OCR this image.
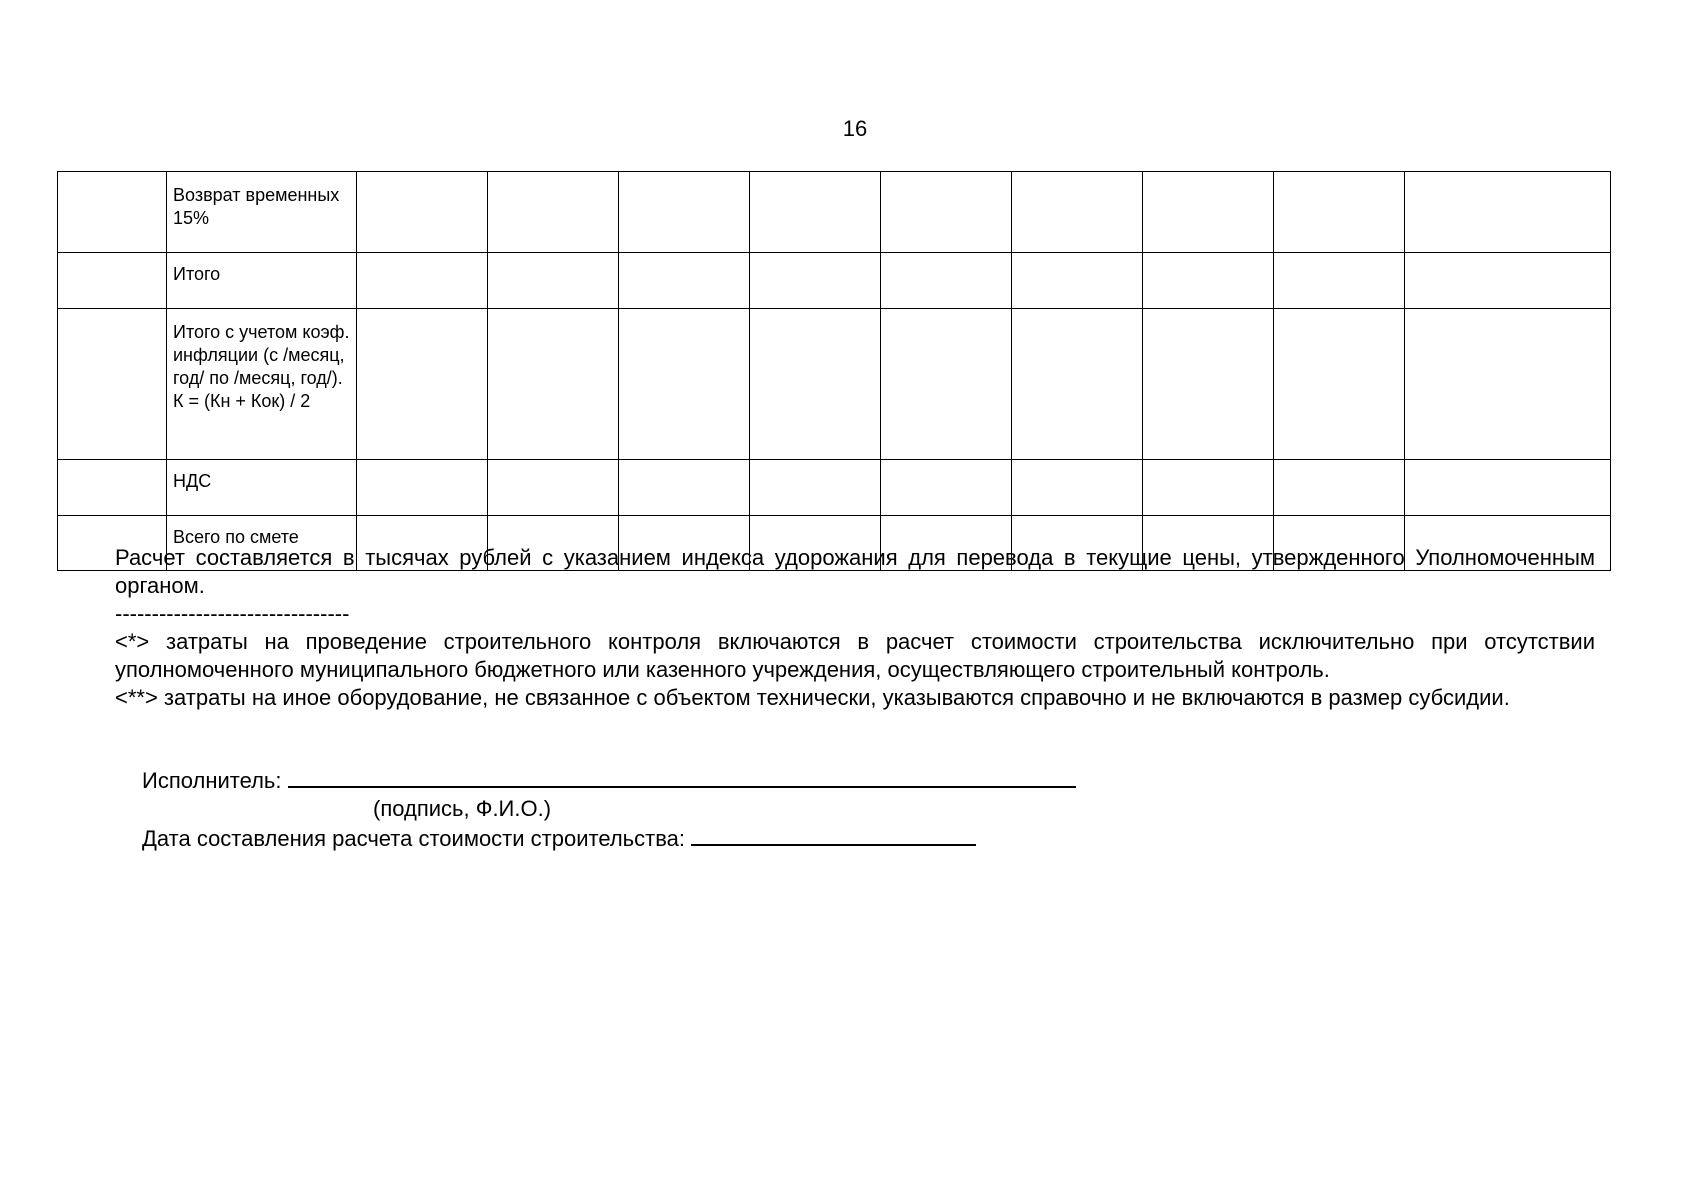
16
	Возврат временных 15%									
	Итого									
	Итого с учетом коэф. инфляции (с /месяц, год/ по /месяц, год/). К = (Кн + Кок) / 2									
	НДС									
	Всего по смете									
Расчет составляется в тысячах рублей с указанием индекса удорожания для перевода в текущие цены, утвержденного Уполномоченным органом.
--------------------------------
<*> затраты на проведение строительного контроля включаются в расчет стоимости строительства исключительно при отсутствии уполномоченного муниципального бюджетного или казенного учреждения, осуществляющего строительный контроль.
<**> затраты на иное оборудование, не связанное с объектом технически, указываются справочно и не включаются в размер субсидии.
Исполнитель:
(подпись, Ф.И.О.)
Дата составления расчета стоимости строительства:
